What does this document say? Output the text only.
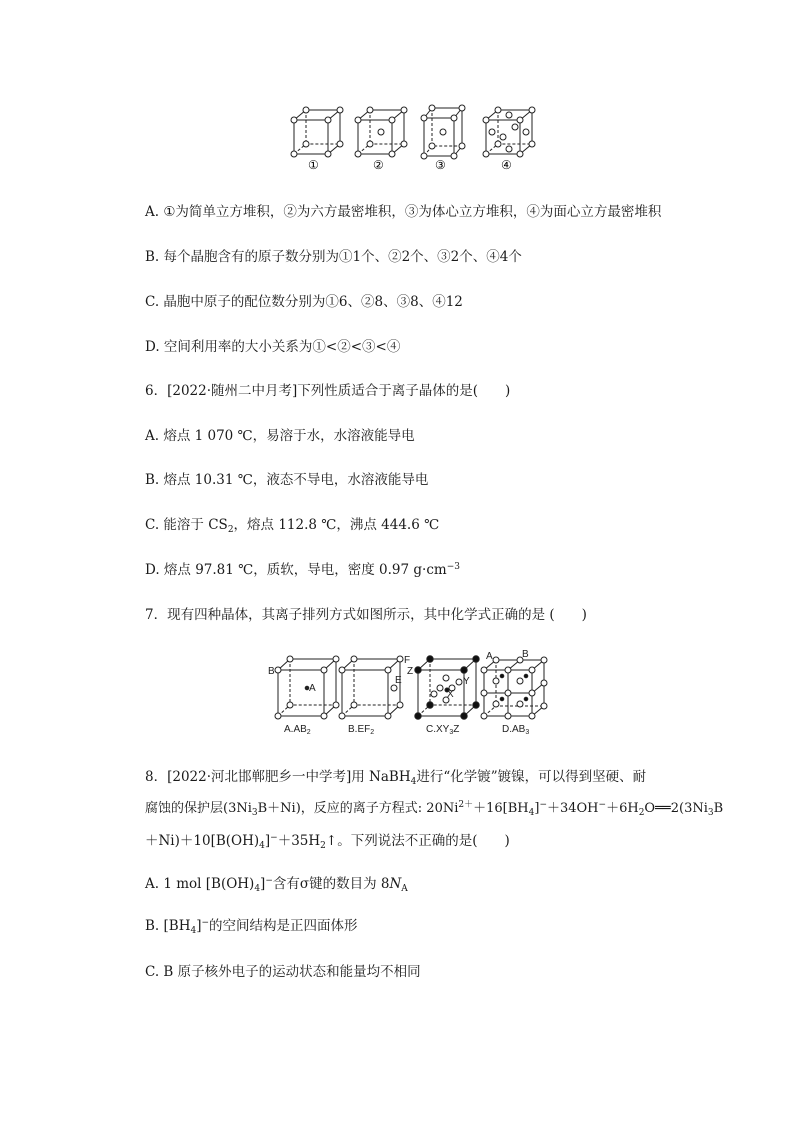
①	②	③	④
A. ①为简单立方堆积，②为六方最密堆积，③为体心立方堆积，④为面心立方最密堆积
B. 每个晶胞含有的原子数分别为①1个、②2个、③2个、④4个
C. 晶胞中原子的配位数分别为①6、②8、③8、④12
D. 空间利用率的大小关系为①<②<③<④
6．[2022·随州二中月考]下列性质适合于离子晶体的是(　　)
A. 熔点 1 070 ℃，易溶于水，水溶液能导电
B. 熔点 10.31 ℃，液态不导电，水溶液能导电
C. 能溶于 $CS_2$，熔点 112.8 ℃，沸点 444.6 ℃
D. 熔点 97.81 ℃，质软，导电，密度 0.97 $g\cdot cm^{-3}$
7．现有四种晶体，其离子排列方式如图所示，其中化学式正确的是 (　　)
B
A
F
E
Z
Y
X
A	B
$A.AB_2$	$B.EF_2$	$C.XY_3Z$	$D.AB_3$
8．[2022·河北邯郸肥乡一中学考]用 NaBH$_4$进行“化学镀”镀镍，可以得到坚硬、耐
腐蚀的保护层$(3Ni_3B+Ni)$，反应的离子方程式: $20Ni^{2+}+16[BH_4]^-+34OH^-+6H_2O══2(3Ni_3B$
$+Ni)+10[B(OH)_4]^-+35H_2↑$。下列说法不正确的是(　　)
A. 1 mol $[B(OH)_4]^-$含有σ键的数目为 $8N_A$
B. $[BH_4]^-$的空间结构是正四面体形
C. B 原子核外电子的运动状态和能量均不相同
